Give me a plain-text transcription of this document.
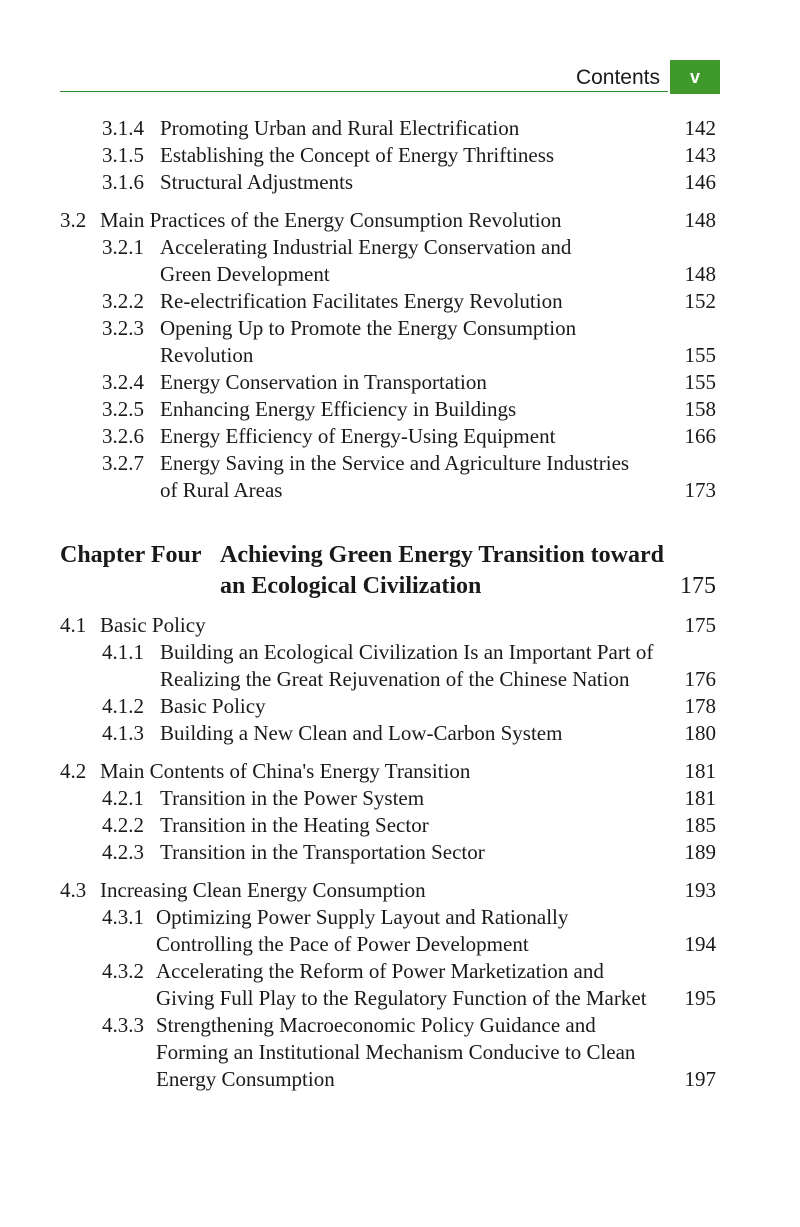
Contents	v
3.1.4 Promoting Urban and Rural Electrification	142
3.1.5 Establishing the Concept of Energy Thriftiness	143
3.1.6 Structural Adjustments	146
3.2 Main Practices of the Energy Consumption Revolution	148
3.2.1 Accelerating Industrial Energy Conservation and
Green Development	148
3.2.2 Re-electrification Facilitates Energy Revolution	152
3.2.3 Opening Up to Promote the Energy Consumption
Revolution	155
3.2.4 Energy Conservation in Transportation	155
3.2.5 Enhancing Energy Efficiency in Buildings	158
3.2.6 Energy Efficiency of Energy-Using Equipment	166
3.2.7 Energy Saving in the Service and Agriculture Industries
of Rural Areas	173
Chapter Four Achieving Green Energy Transition toward
an Ecological Civilization	175
4.1 Basic Policy	175
4.1.1 Building an Ecological Civilization Is an Important Part of
Realizing the Great Rejuvenation of the Chinese Nation	176
4.1.2 Basic Policy	178
4.1.3 Building a New Clean and Low-Carbon System	180
4.2 Main Contents of China's Energy Transition	181
4.2.1 Transition in the Power System	181
4.2.2 Transition in the Heating Sector	185
4.2.3 Transition in the Transportation Sector	189
4.3 Increasing Clean Energy Consumption	193
4.3.1 Optimizing Power Supply Layout and Rationally
Controlling the Pace of Power Development	194
4.3.2 Accelerating the Reform of Power Marketization and
Giving Full Play to the Regulatory Function of the Market 195
4.3.3 Strengthening Macroeconomic Policy Guidance and
Forming an Institutional Mechanism Conducive to Clean
Energy Consumption	197
